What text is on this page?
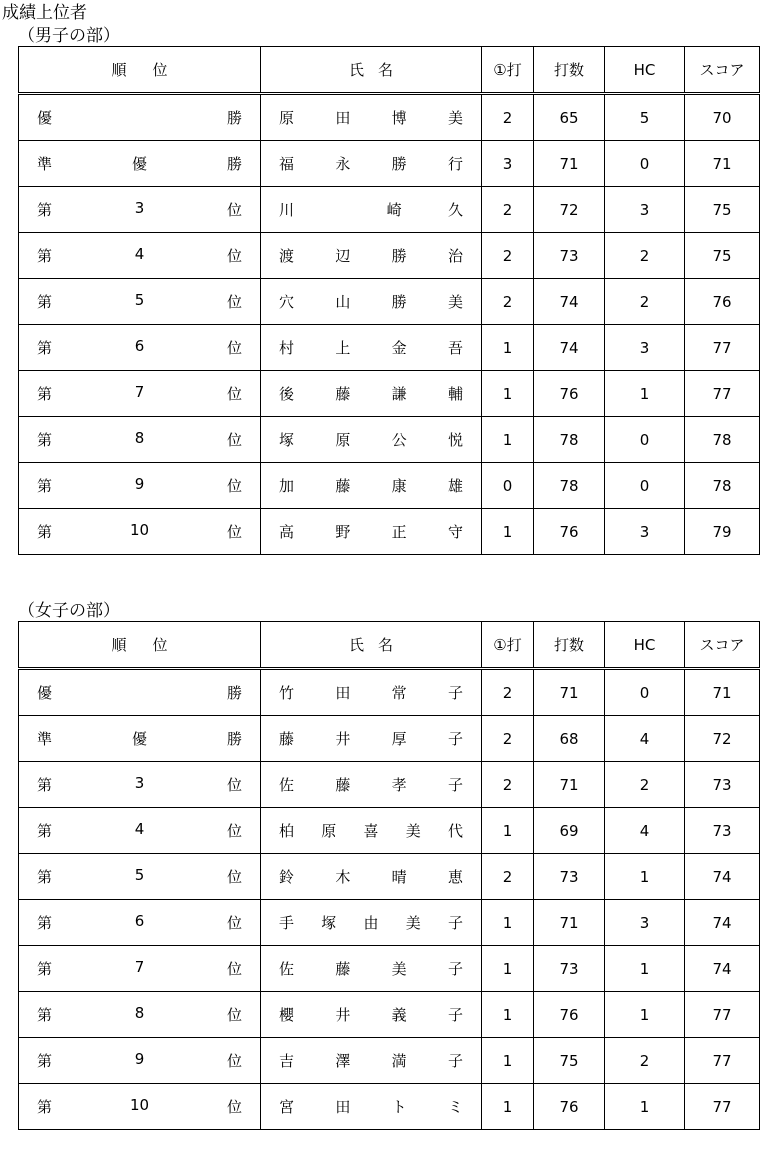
成績上位者
（男子の部）
順位	氏名	①打	打数	HC	スコア

優 勝	原 田 博 美	2	65	5	70

準 優 勝	福 永 勝 行	3	71	0	71

第 3 位	川 崎 久	2	72	3	75

第 4 位	渡 辺 勝 治	2	73	2	75

第 5 位	穴 山 勝 美	2	74	2	76

第 6 位	村 上 金 吾	1	74	3	77

第 7 位	後 藤 謙 輔	1	76	1	77

第 8 位	塚 原 公 悦	1	78	0	78

第 9 位	加 藤 康 雄	0	78	0	78

第 10 位	高 野 正 守	1	76	3	79
（女子の部）
順位	氏名	①打	打数	HC	スコア

優 勝	竹 田 常 子	2	71	0	71

準 優 勝	藤 井 厚 子	2	68	4	72

第 3 位	佐 藤 孝 子	2	71	2	73

第 4 位	柏 原 喜 美 代	1	69	4	73

第 5 位	鈴 木 晴 恵	2	73	1	74

第 6 位	手 塚 由 美 子	1	71	3	74

第 7 位	佐 藤 美 子	1	73	1	74

第 8 位	櫻 井 義 子	1	76	1	77

第 9 位	吉 澤 満 子	1	75	2	77

第 10 位	宮 田 ト ミ	1	76	1	77
